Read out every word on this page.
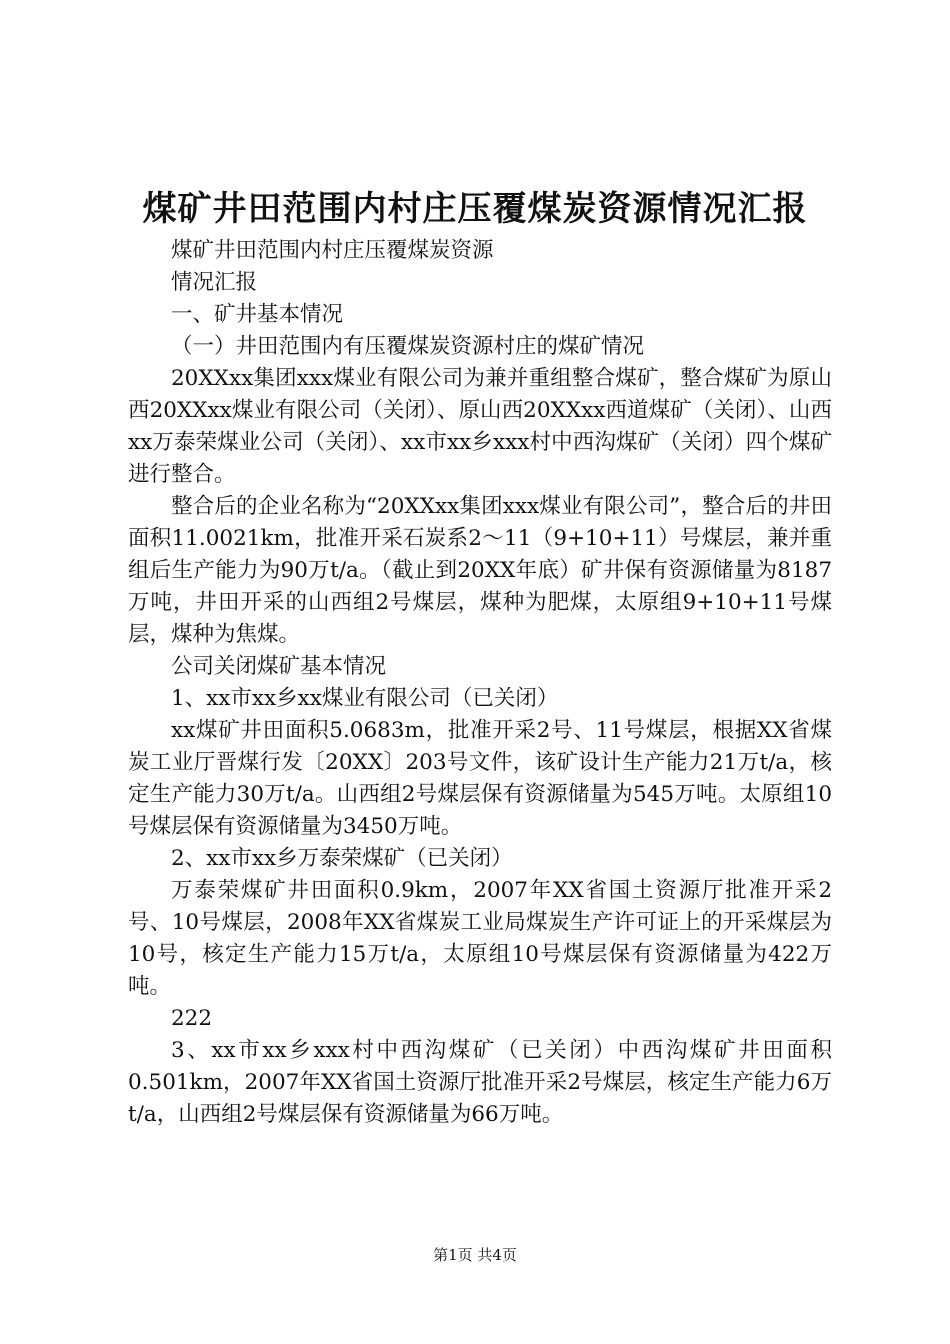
煤矿井田范围内村庄压覆煤炭资源情况汇报

煤矿井田范围内村庄压覆煤炭资源

情况汇报

一、矿井基本情况

（一）井田范围内有压覆煤炭资源村庄的煤矿情况

20XXxx集团xxx煤业有限公司为兼并重组整合煤矿，整合煤矿为原山西20XXxx煤业有限公司（关闭）、原山西20XXxx西道煤矿（关闭）、山西xx万泰荣煤业公司（关闭）、xx市xx乡xxx村中西沟煤矿（关闭）四个煤矿进行整合。

整合后的企业名称为“20XXxx集团xxx煤业有限公司”，整合后的井田面积11.0021km，批准开采石炭系2～11（9+10+11）号煤层，兼并重组后生产能力为90万t/a。（截止到20XX年底）矿井保有资源储量为8187万吨，井田开采的山西组2号煤层，煤种为肥煤，太原组9+10+11号煤层，煤种为焦煤。

公司关闭煤矿基本情况

1、xx市xx乡xx煤业有限公司（已关闭）

xx煤矿井田面积5.0683m，批准开采2号、11号煤层，根据XX省煤炭工业厅晋煤行发〔20XX〕203号文件，该矿设计生产能力21万t/a，核定生产能力30万t/a。山西组2号煤层保有资源储量为545万吨。太原组10号煤层保有资源储量为3450万吨。

2、xx市xx乡万泰荣煤矿（已关闭）

万泰荣煤矿井田面积0.9km，2007年XX省国土资源厅批准开采2号、10号煤层，2008年XX省煤炭工业局煤炭生产许可证上的开采煤层为10号，核定生产能力15万t/a，太原组10号煤层保有资源储量为422万吨。

222

3、xx市xx乡xxx村中西沟煤矿（已关闭）中西沟煤矿井田面积0.501km，2007年XX省国土资源厅批准开采2号煤层，核定生产能力6万t/a，山西组2号煤层保有资源储量为66万吨。

第1页 共4页
